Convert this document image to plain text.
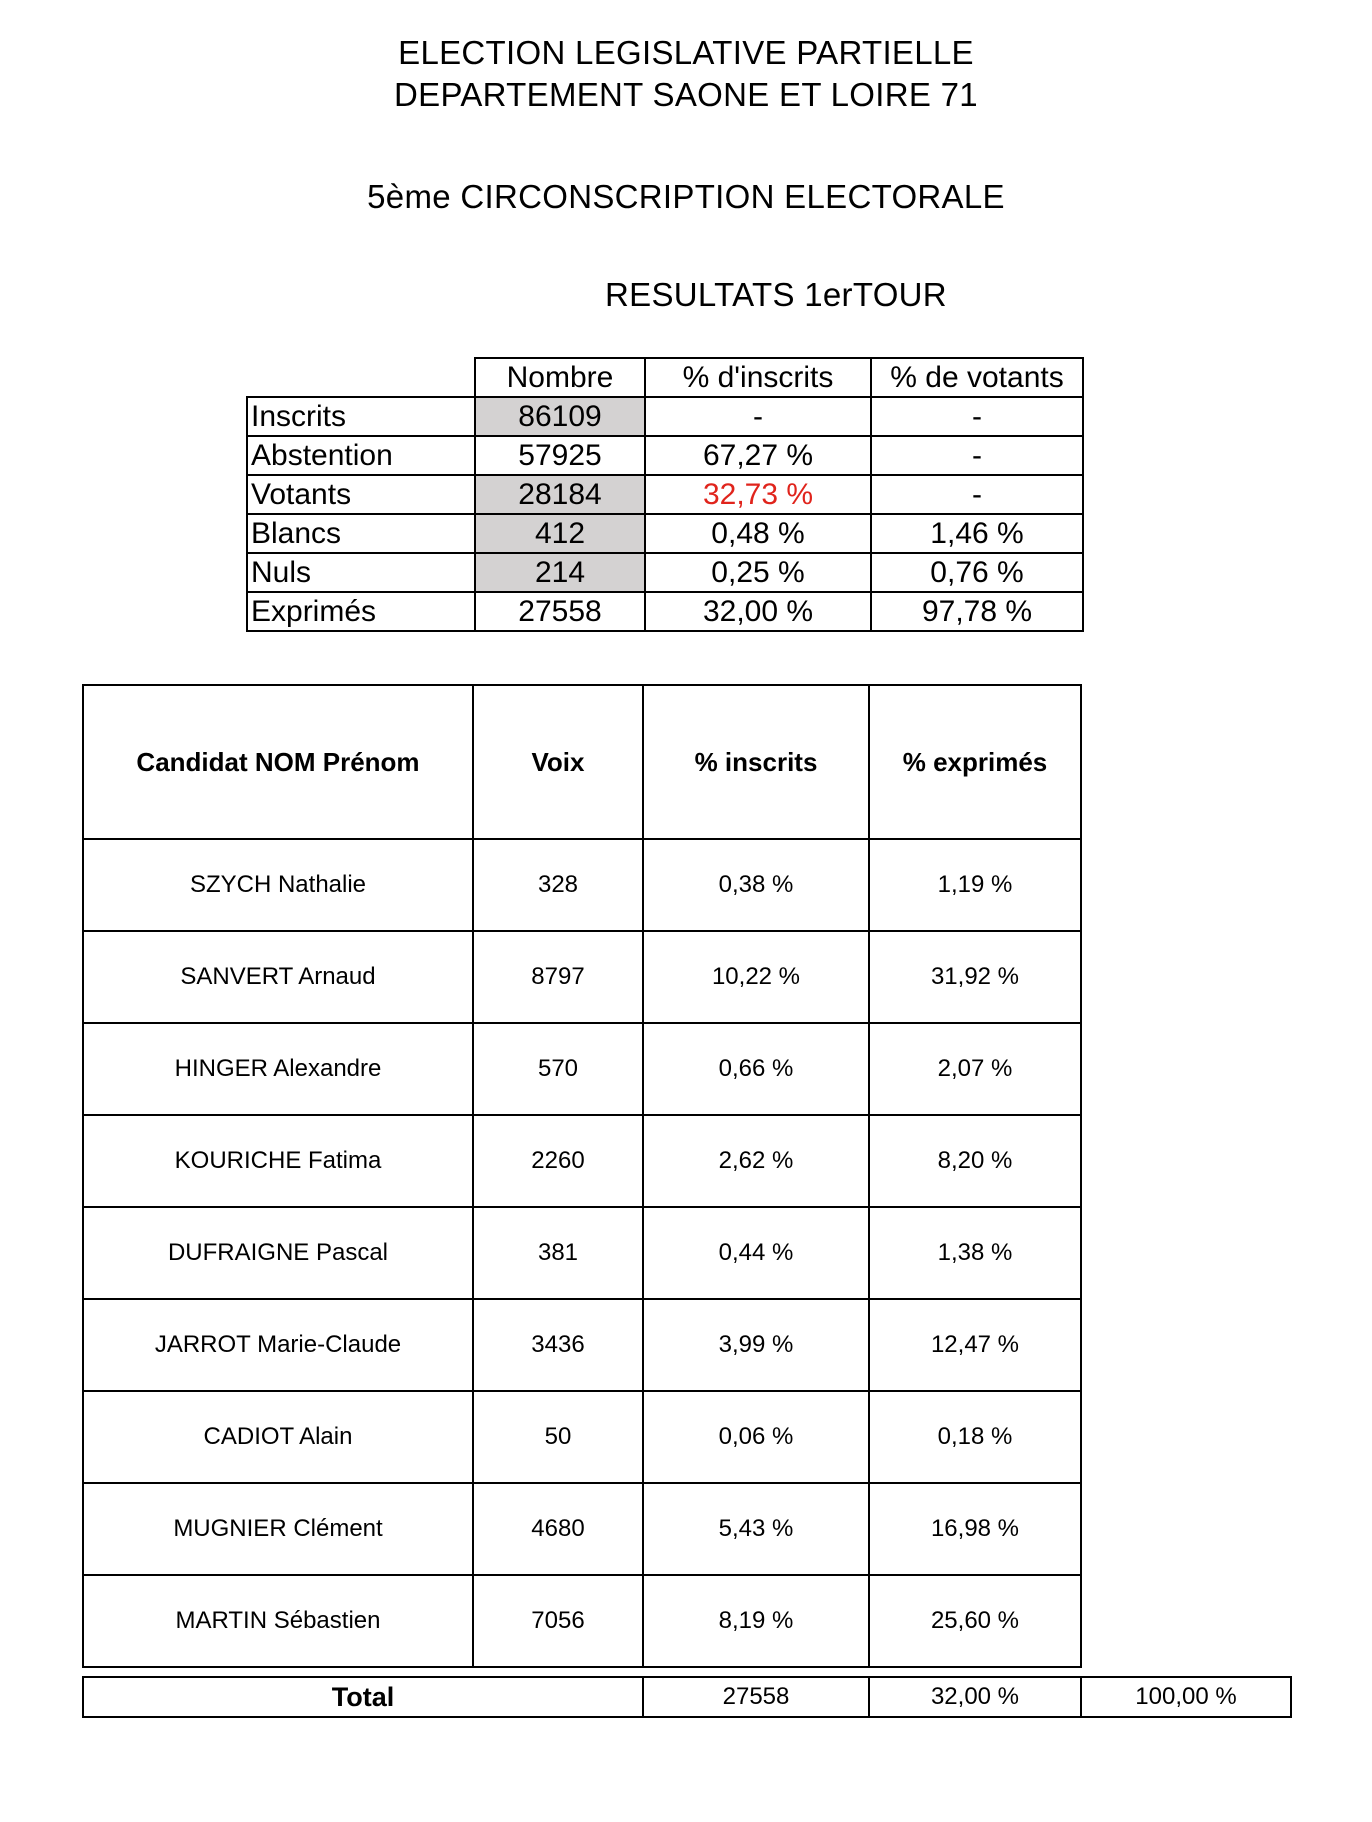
ELECTION LEGISLATIVE PARTIELLE
DEPARTEMENT SAONE ET LOIRE 71
5ème CIRCONSCRIPTION ELECTORALE
RESULTATS 1erTOUR
	Nombre	% d'inscrits	% de votants
Inscrits	86109	-	-
Abstention	57925	67,27 %	-
Votants	28184	32,73 %	-
Blancs	412	0,48 %	1,46 %
Nuls	214	0,25 %	0,76 %
Exprimés	27558	32,00 %	97,78 %
Candidat NOM Prénom	Voix	% inscrits	% exprimés
SZYCH Nathalie	328	0,38 %	1,19 %
SANVERT Arnaud	8797	10,22 %	31,92 %
HINGER Alexandre	570	0,66 %	2,07 %
KOURICHE Fatima	2260	2,62 %	8,20 %
DUFRAIGNE Pascal	381	0,44 %	1,38 %
JARROT Marie-Claude	3436	3,99 %	12,47 %
CADIOT Alain	50	0,06 %	0,18 %
MUGNIER Clément	4680	5,43 %	16,98 %
MARTIN Sébastien	7056	8,19 %	25,60 %
Total	27558	32,00 %	100,00 %
